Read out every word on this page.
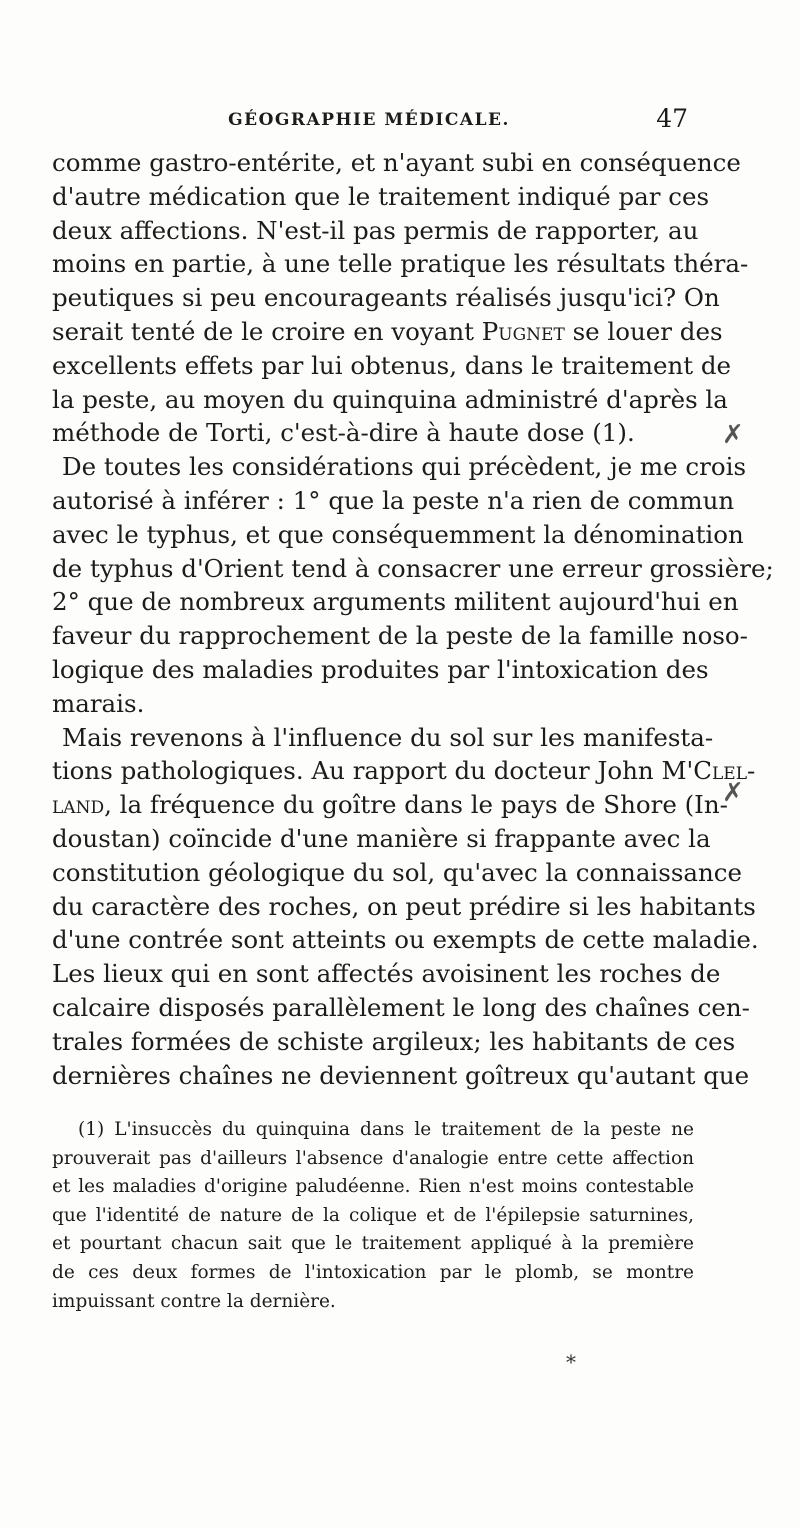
GÉOGRAPHIE MÉDICALE.	47
comme gastro-entérite, et n'ayant subi en conséquence
d'autre médication que le traitement indiqué par ces
deux affections. N'est-il pas permis de rapporter, au
moins en partie, à une telle pratique les résultats théra-
peutiques si peu encourageants réalisés jusqu'ici? On
serait tenté de le croire en voyant Pugnet se louer des
excellents effets par lui obtenus, dans le traitement de
la peste, au moyen du quinquina administré d'après la
méthode de Torti, c'est-à-dire à haute dose (1).
De toutes les considérations qui précèdent, je me crois
autorisé à inférer : 1° que la peste n'a rien de commun
avec le typhus, et que conséquemment la dénomination
de typhus d'Orient tend à consacrer une erreur grossière;
2° que de nombreux arguments militent aujourd'hui en
faveur du rapprochement de la peste de la famille noso-
logique des maladies produites par l'intoxication des
marais.
Mais revenons à l'influence du sol sur les manifesta-
tions pathologiques. Au rapport du docteur John M'Clel-
land, la fréquence du goître dans le pays de Shore (In-
doustan) coïncide d'une manière si frappante avec la
constitution géologique du sol, qu'avec la connaissance
du caractère des roches, on peut prédire si les habitants
d'une contrée sont atteints ou exempts de cette maladie.
Les lieux qui en sont affectés avoisinent les roches de
calcaire disposés parallèlement le long des chaînes cen-
trales formées de schiste argileux; les habitants de ces
dernières chaînes ne deviennent goîtreux qu'autant que
(1) L'insuccès du quinquina dans le traitement de la peste ne
prouverait pas d'ailleurs l'absence d'analogie entre cette affection
et les maladies d'origine paludéenne. Rien n'est moins contestable
que l'identité de nature de la colique et de l'épilepsie saturnines,
et pourtant chacun sait que le traitement appliqué à la première
de ces deux formes de l'intoxication par le plomb, se montre
impuissant contre la dernière.
✗
✗
*
